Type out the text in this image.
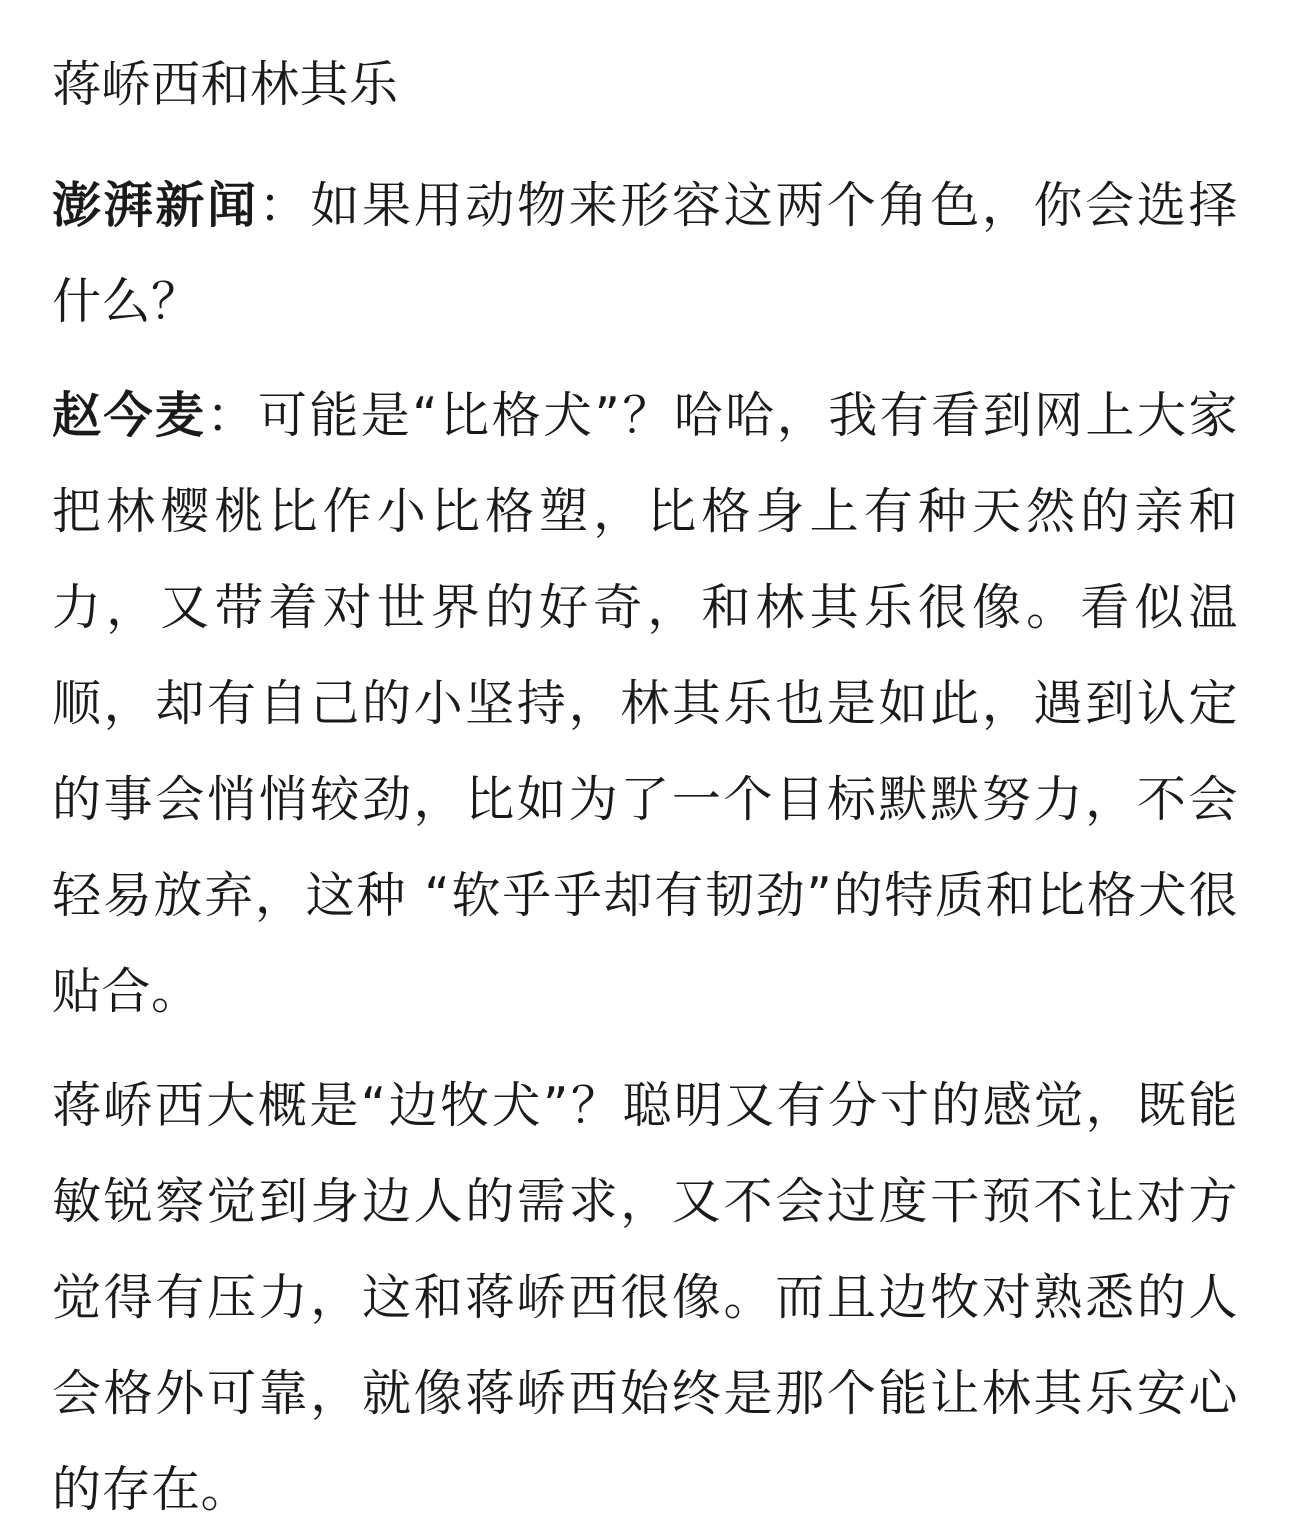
蒋峤西和林其乐

澎湃新闻：如果用动物来形容这两个角色，你会选择什么？

赵今麦：可能是“比格犬”？哈哈，我有看到网上大家把林樱桃比作小比格塑，比格身上有种天然的亲和力，又带着对世界的好奇，和林其乐很像。看似温顺，却有自己的小坚持，林其乐也是如此，遇到认定的事会悄悄较劲，比如为了一个目标默默努力，不会轻易放弃，这种 “软乎乎却有韧劲”的特质和比格犬很贴合。

蒋峤西大概是“边牧犬”？聪明又有分寸的感觉，既能敏锐察觉到身边人的需求，又不会过度干预不让对方觉得有压力，这和蒋峤西很像。而且边牧对熟悉的人会格外可靠，就像蒋峤西始终是那个能让林其乐安心的存在。
